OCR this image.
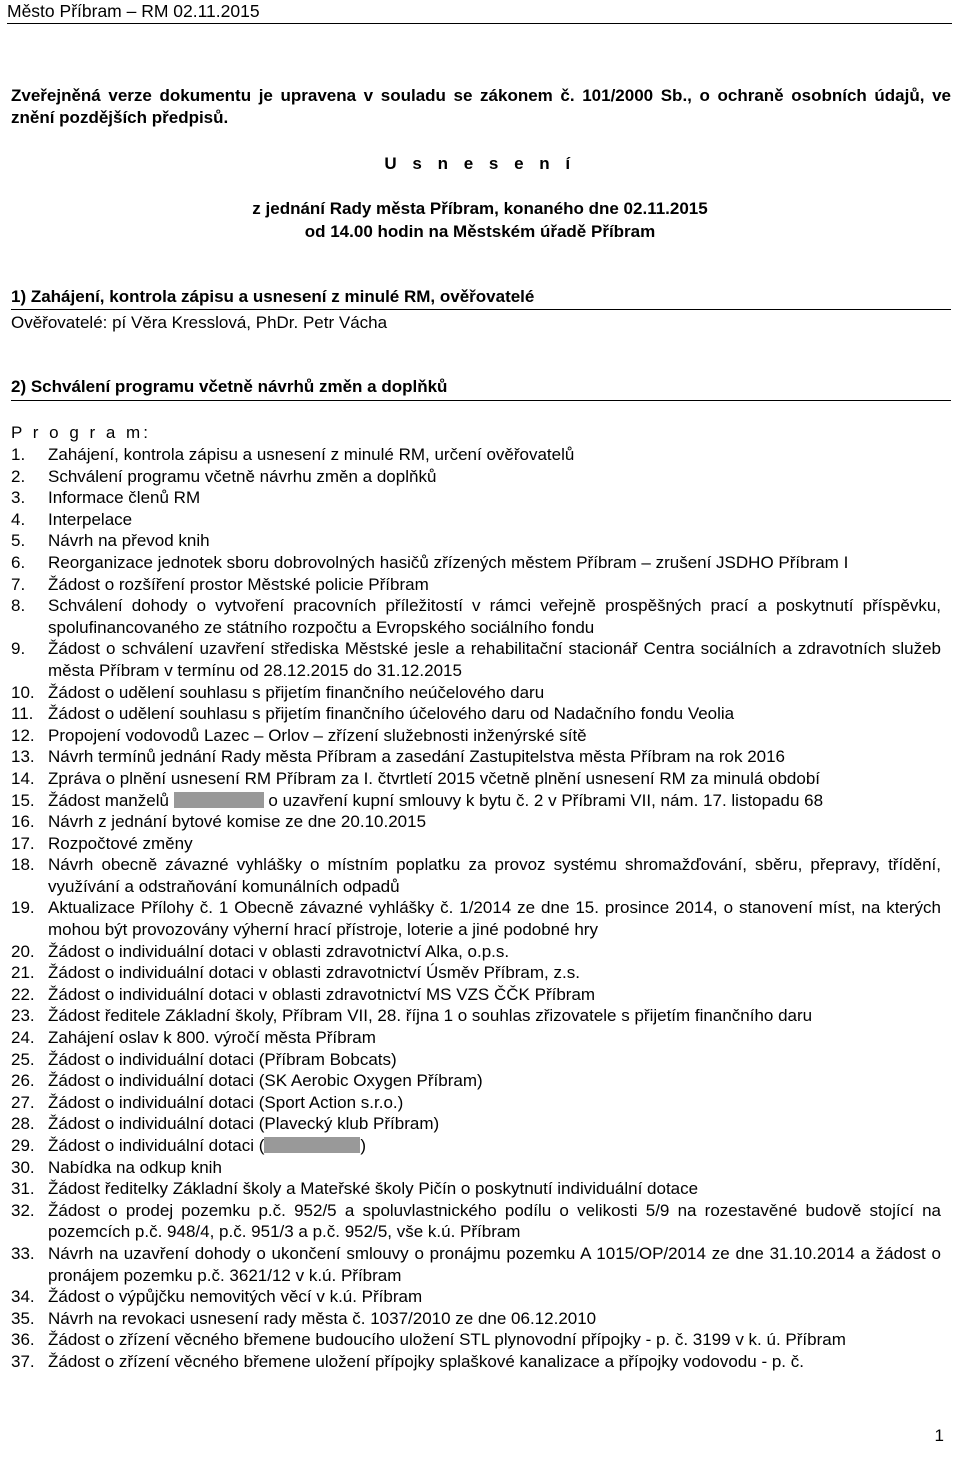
Město Příbram – RM 02.11.2015
Zveřejněná verze dokumentu je upravena v souladu se zákonem č. 101/2000 Sb., o ochraně osobních údajů, ve znění pozdějších předpisů.
U s n e s e n í
z jednání Rady města Příbram, konaného dne 02.11.2015
od 14.00 hodin na Městském úřadě Příbram
1) Zahájení, kontrola zápisu a usnesení z minulé RM, ověřovatelé
Ověřovatelé: pí Věra Kresslová, PhDr. Petr Vácha
2) Schválení programu včetně návrhů změn a doplňků
P r o g r a m:
1. Zahájení, kontrola zápisu a usnesení z minulé RM, určení ověřovatelů
2. Schválení programu včetně návrhu změn a doplňků
3. Informace členů RM
4. Interpelace
5. Návrh na převod knih
6. Reorganizace jednotek sboru dobrovolných hasičů zřízených městem Příbram – zrušení JSDHO Příbram I
7. Žádost o rozšíření prostor Městské policie Příbram
8. Schválení dohody o vytvoření pracovních příležitostí v rámci veřejně prospěšných prací a poskytnutí příspěvku, spolufinancovaného ze státního rozpočtu a Evropského sociálního fondu
9. Žádost o schválení uzavření střediska Městské jesle a rehabilitační stacionář Centra sociálních a zdravotních služeb města Příbram v termínu od 28.12.2015 do 31.12.2015
10. Žádost o udělení souhlasu s přijetím finančního neúčelového daru
11. Žádost o udělení souhlasu s přijetím finančního účelového daru od Nadačního fondu Veolia
12. Propojení vodovodů Lazec – Orlov – zřízení služebnosti inženýrské sítě
13. Návrh termínů jednání Rady města Příbram a zasedání Zastupitelstva města Příbram na rok 2016
14. Zpráva o plnění usnesení RM Příbram za I. čtvrtletí 2015 včetně plnění usnesení RM za minulá období
15. Žádost manželů	o uzavření kupní smlouvy k bytu č. 2 v Příbrami VII, nám. 17. listopadu 68
16. Návrh z jednání bytové komise ze dne 20.10.2015
17. Rozpočtové změny
18. Návrh obecně závazné vyhlášky o místním poplatku za provoz systému shromažďování, sběru, přepravy, třídění, využívání a odstraňování komunálních odpadů
19. Aktualizace Přílohy č. 1 Obecně závazné vyhlášky č. 1/2014 ze dne 15. prosince 2014, o stanovení míst, na kterých mohou být provozovány výherní hrací přístroje, loterie a jiné podobné hry
20. Žádost o individuální dotaci v oblasti zdravotnictví Alka, o.p.s.
21. Žádost o individuální dotaci v oblasti zdravotnictví Úsměv Příbram, z.s.
22. Žádost o individuální dotaci v oblasti zdravotnictví MS VZS ČČK Příbram
23. Žádost ředitele Základní školy, Příbram VII, 28. října 1 o souhlas zřizovatele s přijetím finančního daru
24. Zahájení oslav k 800. výročí města Příbram
25. Žádost o individuální dotaci (Příbram Bobcats)
26. Žádost o individuální dotaci (SK Aerobic Oxygen Příbram)
27. Žádost o individuální dotaci (Sport Action s.r.o.)
28. Žádost o individuální dotaci (Plavecký klub Příbram)
29. Žádost o individuální dotaci (	)
30. Nabídka na odkup knih
31. Žádost ředitelky Základní školy a Mateřské školy Pičín o poskytnutí individuální dotace
32. Žádost o prodej pozemku p.č. 952/5 a spoluvlastnického podílu o velikosti 5/9 na rozestavěné budově stojící na pozemcích p.č. 948/4, p.č. 951/3 a p.č. 952/5, vše k.ú. Příbram
33. Návrh na uzavření dohody o ukončení smlouvy o pronájmu pozemku A 1015/OP/2014 ze dne 31.10.2014 a žádost o pronájem pozemku p.č. 3621/12 v k.ú. Příbram
34. Žádost o výpůjčku nemovitých věcí v k.ú. Příbram
35. Návrh na revokaci usnesení rady města č. 1037/2010 ze dne 06.12.2010
36. Žádost o zřízení věcného břemene budoucího uložení STL plynovodní přípojky - p. č. 3199 v k. ú. Příbram
37. Žádost o zřízení věcného břemene uložení přípojky splaškové kanalizace a přípojky vodovodu - p. č.
1
